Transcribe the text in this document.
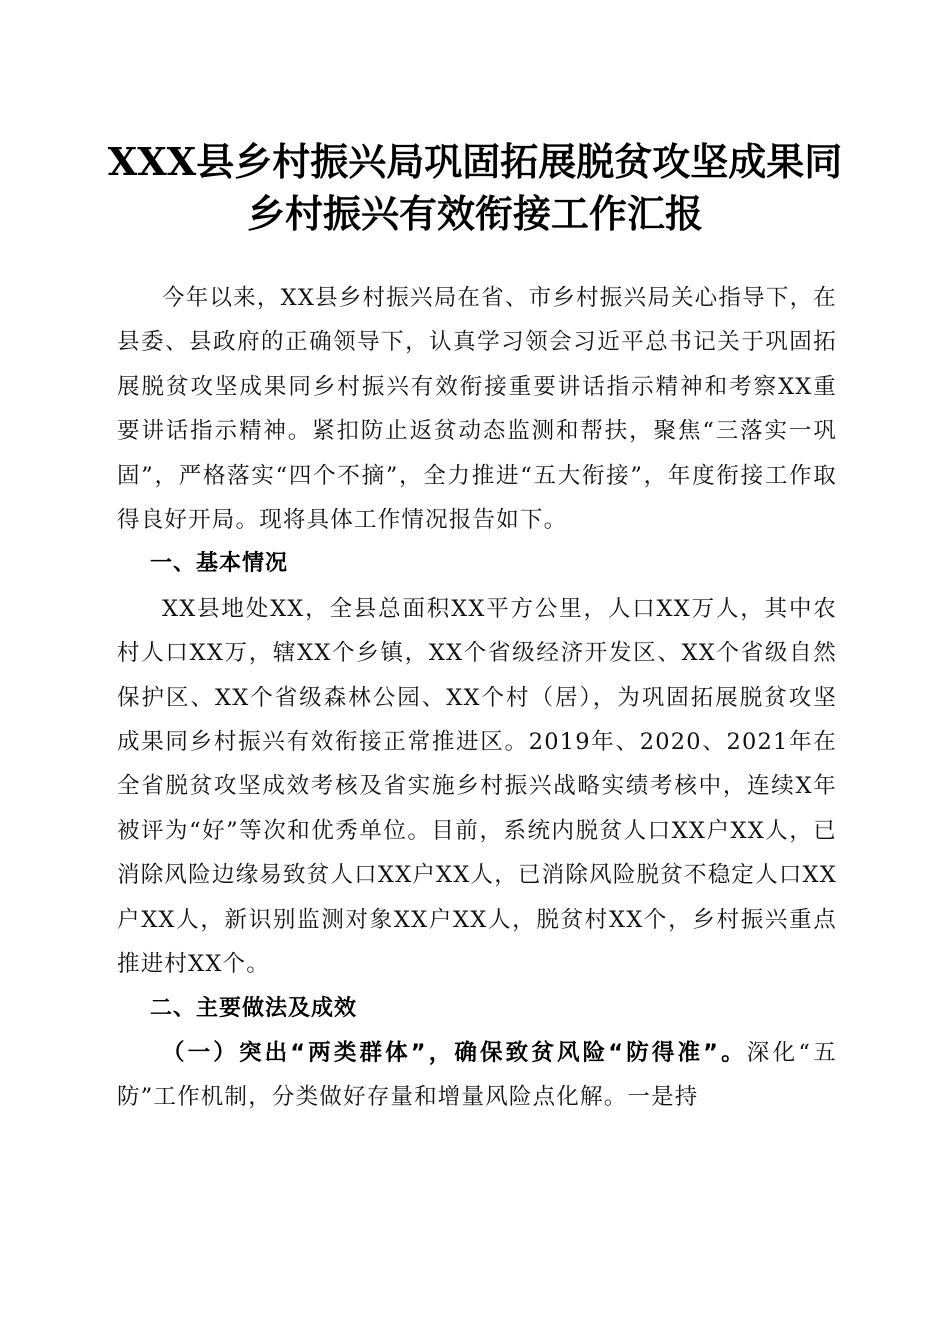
XXX县乡村振兴局巩固拓展脱贫攻坚成果同
乡村振兴有效衔接工作汇报

今年以来，XX县乡村振兴局在省、市乡村振兴局关心指导下，在县委、县政府的正确领导下，认真学习领会习近平总书记关于巩固拓展脱贫攻坚成果同乡村振兴有效衔接重要讲话指示精神和考察XX重要讲话指示精神。紧扣防止返贫动态监测和帮扶，聚焦“三落实一巩固”，严格落实“四个不摘”，全力推进“五大衔接”，年度衔接工作取得良好开局。现将具体工作情况报告如下。

一、基本情况

XX县地处XX，全县总面积XX平方公里，人口XX万人，其中农村人口XX万，辖XX个乡镇，XX个省级经济开发区、XX个省级自然保护区、XX个省级森林公园、XX个村（居），为巩固拓展脱贫攻坚成果同乡村振兴有效衔接正常推进区。2019年、2020、2021年在全省脱贫攻坚成效考核及省实施乡村振兴战略实绩考核中，连续X年被评为“好”等次和优秀单位。目前，系统内脱贫人口XX户XX人，已消除风险边缘易致贫人口XX户XX人，已消除风险脱贫不稳定人口XX户XX人，新识别监测对象XX户XX人，脱贫村XX个，乡村振兴重点推进村XX个。

二、主要做法及成效

（一）突出“两类群体”，确保致贫风险“防得准”。深化“五防”工作机制，分类做好存量和增量风险点化解。一是持
